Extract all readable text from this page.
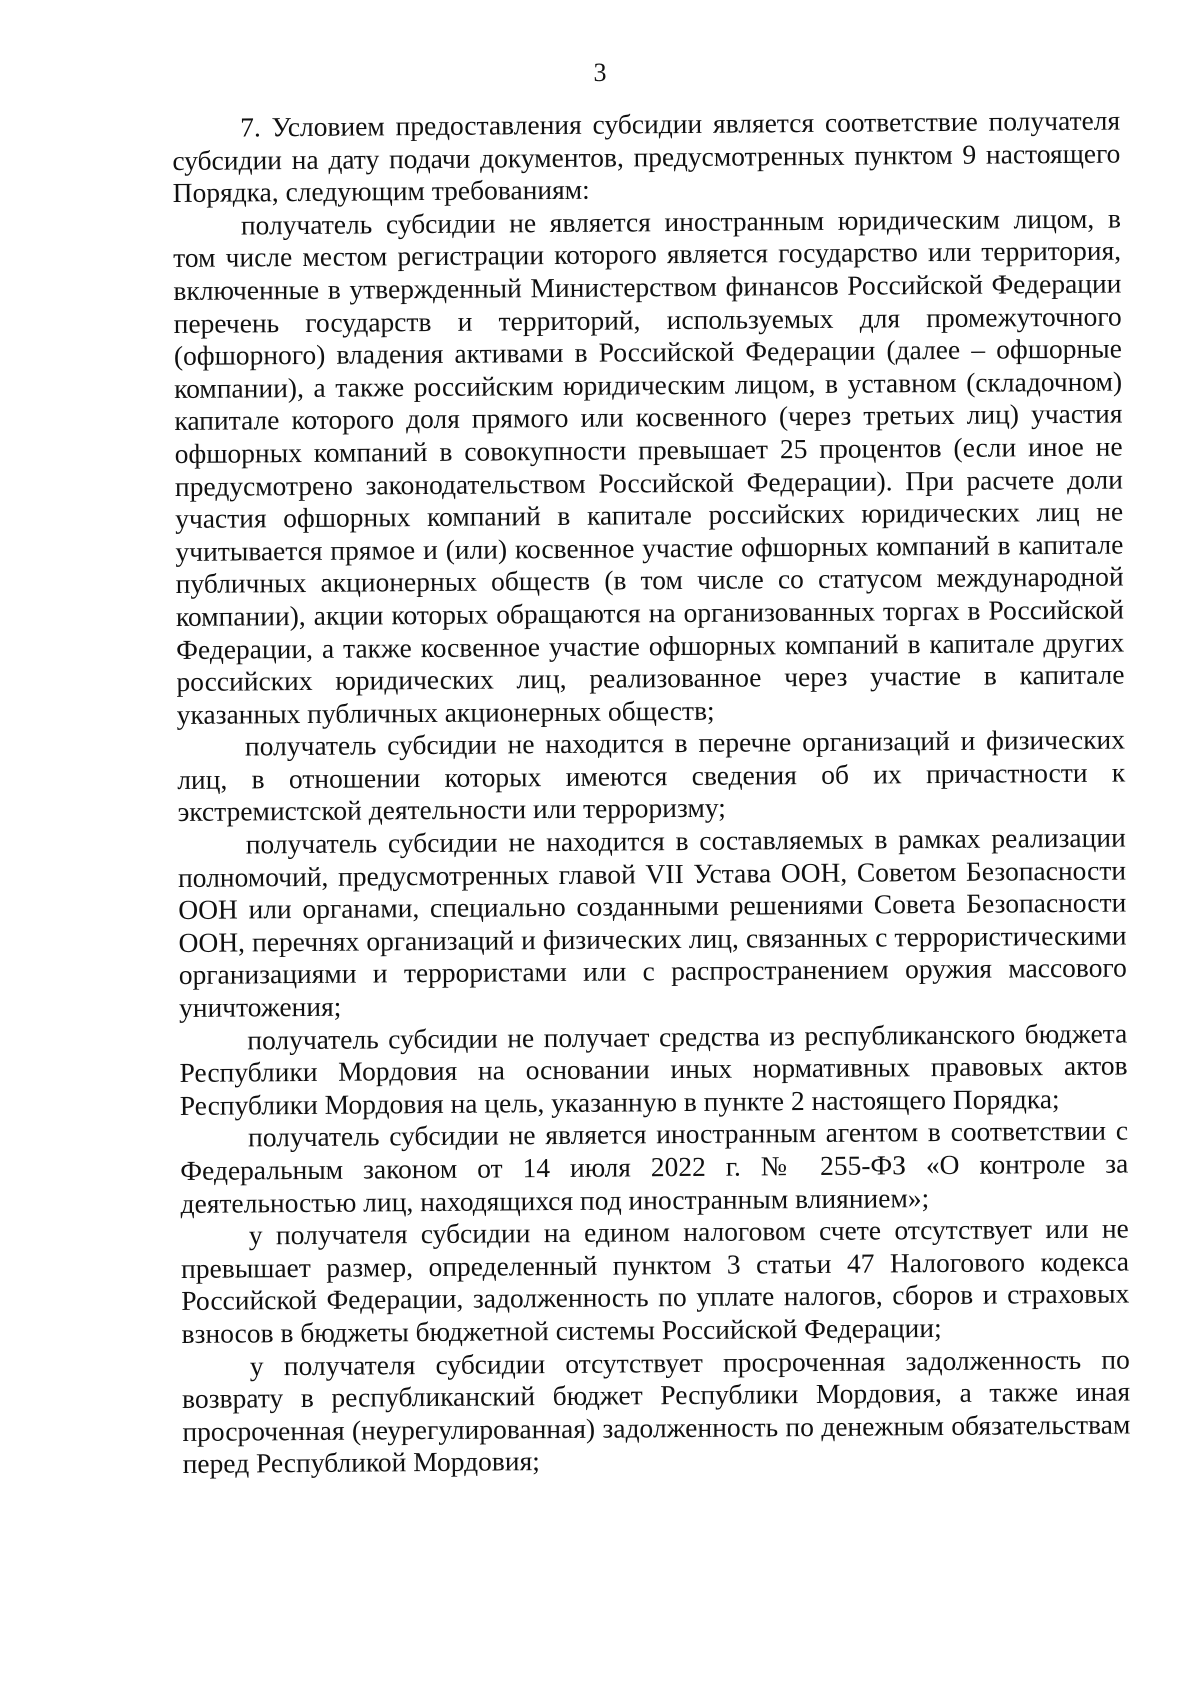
3

7. Условием предоставления субсидии является соответствие получателя субсидии на дату подачи документов, предусмотренных пунктом 9 настоящего Порядка, следующим требованиям:

получатель субсидии не является иностранным юридическим лицом, в том числе местом регистрации которого является государство или территория, включенные в утвержденный Министерством финансов Российской Федерации перечень государств и территорий, используемых для промежуточного (офшорного) владения активами в Российской Федерации (далее – офшорные компании), а также российским юридическим лицом, в уставном (складочном) капитале которого доля прямого или косвенного (через третьих лиц) участия офшорных компаний в совокупности превышает 25 процентов (если иное не предусмотрено законодательством Российской Федерации). При расчете доли участия офшорных компаний в капитале российских юридических лиц не учитывается прямое и (или) косвенное участие офшорных компаний в капитале публичных акционерных обществ (в том числе со статусом международной компании), акции которых обращаются на организованных торгах в Российской Федерации, а также косвенное участие офшорных компаний в капитале других российских юридических лиц, реализованное через участие в капитале указанных публичных акционерных обществ;

получатель субсидии не находится в перечне организаций и физических лиц, в отношении которых имеются сведения об их причастности к экстремистской деятельности или терроризму;

получатель субсидии не находится в составляемых в рамках реализации полномочий, предусмотренных главой VII Устава ООН, Советом Безопасности ООН или органами, специально созданными решениями Совета Безопасности ООН, перечнях организаций и физических лиц, связанных с террористическими организациями и террористами или с распространением оружия массового уничтожения;

получатель субсидии не получает средства из республиканского бюджета Республики Мордовия на основании иных нормативных правовых актов Республики Мордовия на цель, указанную в пункте 2 настоящего Порядка;

получатель субсидии не является иностранным агентом в соответствии с Федеральным законом от 14 июля 2022 г. № 255-ФЗ «О контроле за деятельностью лиц, находящихся под иностранным влиянием»;

у получателя субсидии на едином налоговом счете отсутствует или не превышает размер, определенный пунктом 3 статьи 47 Налогового кодекса Российской Федерации, задолженность по уплате налогов, сборов и страховых взносов в бюджеты бюджетной системы Российской Федерации;

у получателя субсидии отсутствует просроченная задолженность по возврату в республиканский бюджет Республики Мордовия, а также иная просроченная (неурегулированная) задолженность по денежным обязательствам перед Республикой Мордовия;
